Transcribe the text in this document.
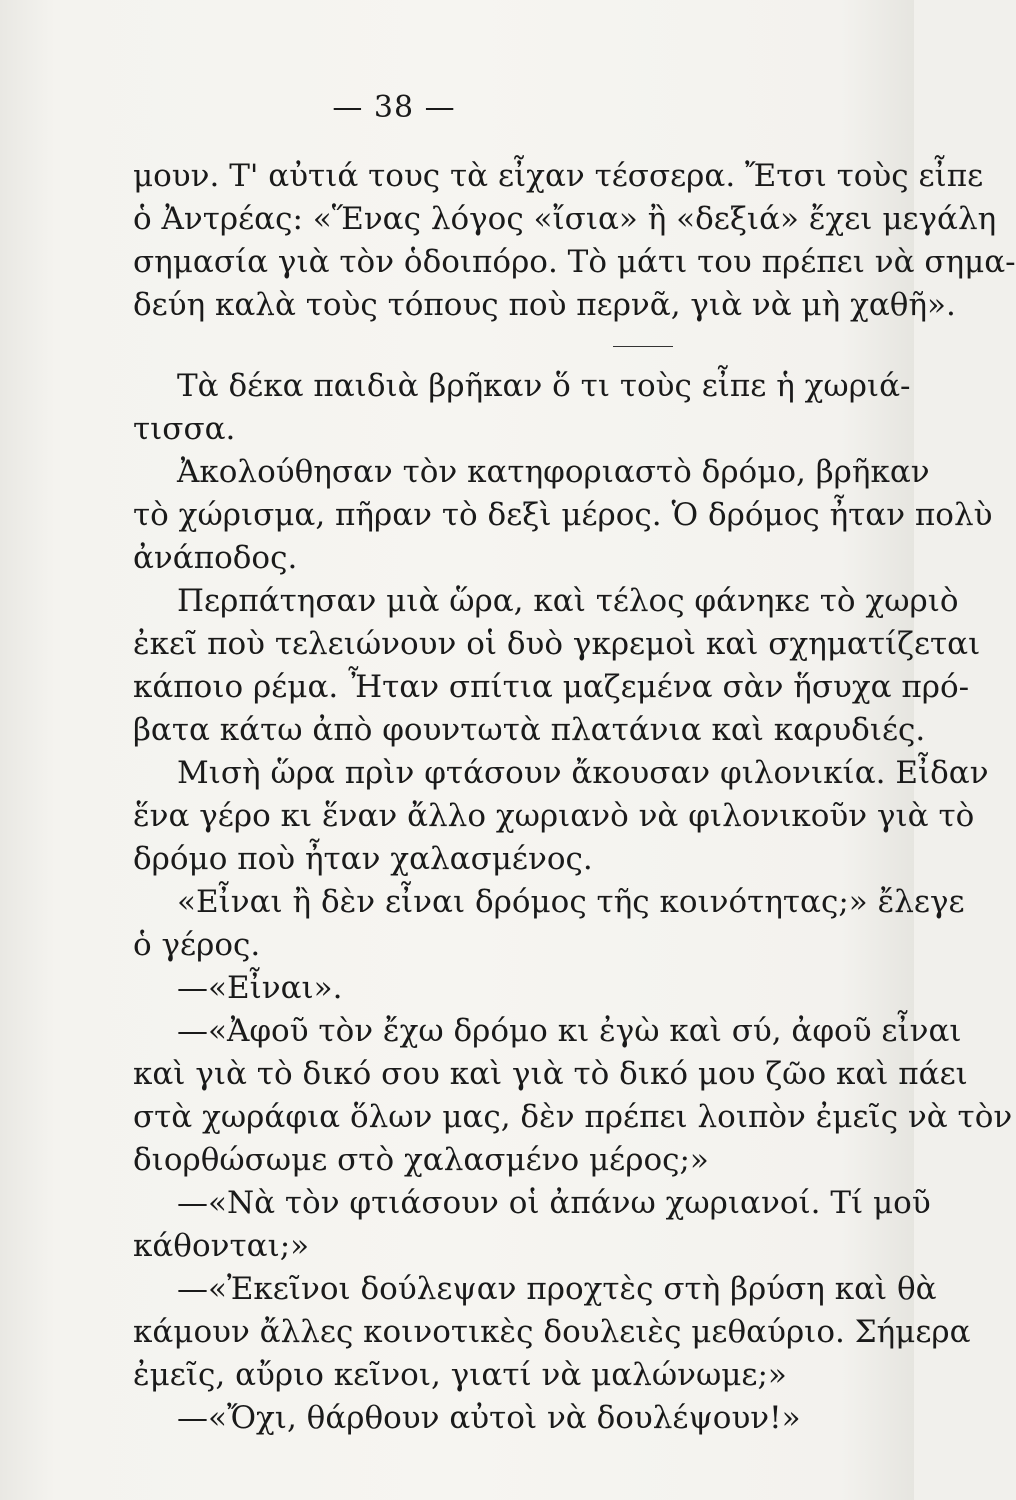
— 38 —
μουν. Τ' αὐτιά τους τὰ εἶχαν τέσσερα. Ἔτσι τοὺς εἶπε
ὁ Ἀντρέας: «Ἕνας λόγος «ἴσια» ἢ «δεξιά» ἔχει μεγάλη
σημασία γιὰ τὸν ὁδοιπόρο. Τὸ μάτι του πρέπει νὰ σημα-
δεύη καλὰ τοὺς τόπους ποὺ περνᾶ, γιὰ νὰ μὴ χαθῆ».
Τὰ δέκα παιδιὰ βρῆκαν ὅ τι τοὺς εἶπε ἡ χωριά-
τισσα.
Ἀκολούθησαν τὸν κατηφοριαστὸ δρόμο, βρῆκαν
τὸ χώρισμα, πῆραν τὸ δεξὶ μέρος. Ὁ δρόμος ἦταν πολὺ
ἀνάποδος.
Περπάτησαν μιὰ ὥρα, καὶ τέλος φάνηκε τὸ χωριὸ
ἐκεῖ ποὺ τελειώνουν οἱ δυὸ γκρεμοὶ καὶ σχηματίζεται
κάποιο ρέμα. Ἦταν σπίτια μαζεμένα σὰν ἥσυχα πρό-
βατα κάτω ἀπὸ φουντωτὰ πλατάνια καὶ καρυδιές.
Μισὴ ὥρα πρὶν φτάσουν ἄκουσαν φιλονικία. Εἶδαν
ἕνα γέρο κι ἕναν ἄλλο χωριανὸ νὰ φιλονικοῦν γιὰ τὸ
δρόμο ποὺ ἦταν χαλασμένος.
«Εἶναι ἢ δὲν εἶναι δρόμος τῆς κοινότητας;» ἔλεγε
ὁ γέρος.
—«Εἶναι».
—«Ἀφοῦ τὸν ἔχω δρόμο κι ἐγὼ καὶ σύ, ἀφοῦ εἶναι
καὶ γιὰ τὸ δικό σου καὶ γιὰ τὸ δικό μου ζῶο καὶ πάει
στὰ χωράφια ὅλων μας, δὲν πρέπει λοιπὸν ἐμεῖς νὰ τὸν
διορθώσωμε στὸ χαλασμένο μέρος;»
—«Νὰ τὸν φτιάσουν οἱ ἀπάνω χωριανοί. Τί μοῦ
κάθονται;»
—«Ἐκεῖνοι δούλεψαν προχτὲς στὴ βρύση καὶ θὰ
κάμουν ἄλλες κοινοτικὲς δουλειὲς μεθαύριο. Σήμερα
ἐμεῖς, αὔριο κεῖνοι, γιατί νὰ μαλώνωμε;»
—«Ὄχι, θάρθουν αὐτοὶ νὰ δουλέψουν!»
